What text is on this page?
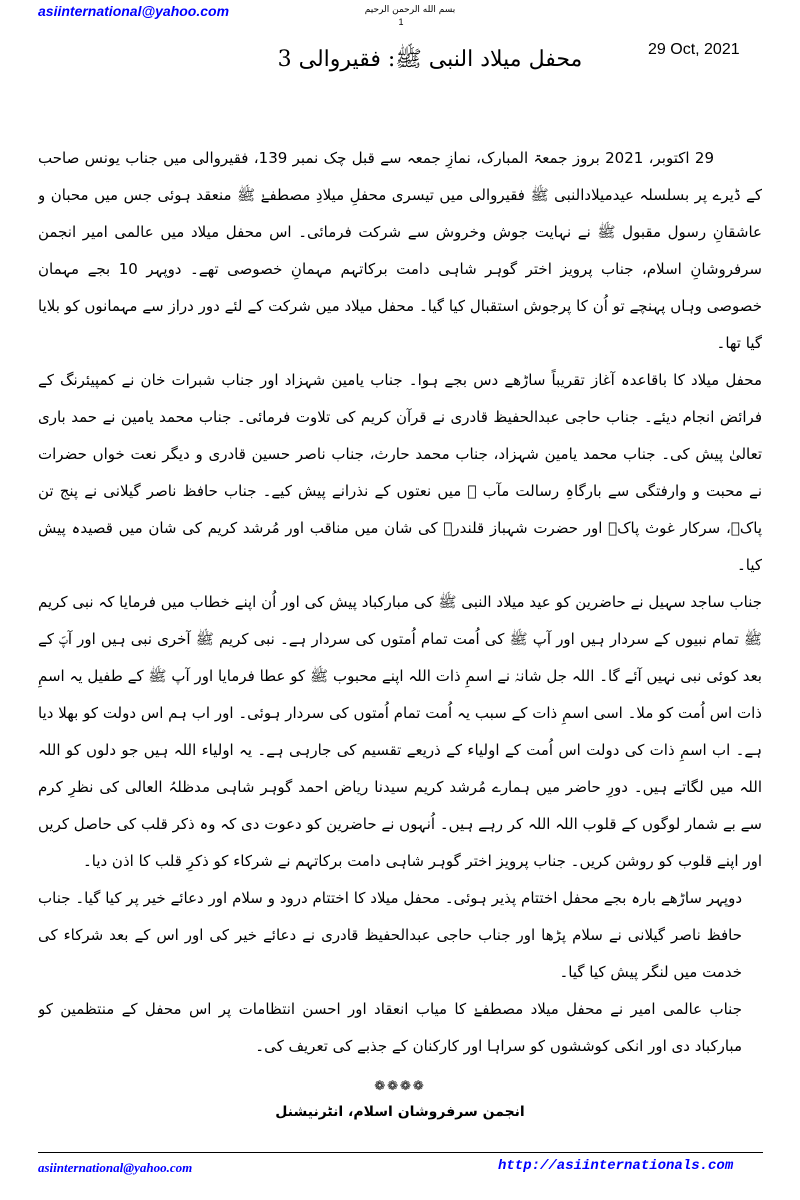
asiinternational@yahoo.com	بسم الله الرحمن الرحیم
1
29 Oct, 2021
محفل میلاد النبی ﷺ: فقیروالی 3

29 اکتوبر، 2021 بروز جمعۃ المبارک، نمازِ جمعہ سے قبل چک نمبر 139، فقیروالی میں جناب یونس صاحب کے ڈیرے پر بسلسلہ عیدمیلادالنبی ﷺ فقیروالی میں تیسری محفلِ میلادِ مصطفےٰ ﷺ منعقد ہوئی جس میں محبان و عاشقانِ رسول مقبول ﷺ نے نہایت جوش وخروش سے شرکت فرمائی۔ اس محفل میلاد میں عالمی امیر انجمن سرفروشانِ اسلام، جناب پرویز اختر گوہر شاہی دامت برکاتہم مہمانِ خصوصی تھے۔ دوپہر 10 بجے مہمان خصوصی وہاں پہنچے تو اُن کا پرجوش استقبال کیا گیا۔ محفل میلاد میں شرکت کے لئے دور دراز سے مہمانوں کو بلایا گیا تھا۔

محفل میلاد کا باقاعدہ آغاز تقریباً ساڑھے دس بجے ہوا۔ جناب یامین شہزاد اور جناب شبرات خان نے کمپیئرنگ کے فرائض انجام دیئے۔ جناب حاجی عبدالحفیظ قادری نے قرآن کریم کی تلاوت فرمائی۔ جناب محمد یامین نے حمد باری تعالیٰ پیش کی۔ جناب محمد یامین شہزاد، جناب محمد حارث، جناب ناصر حسین قادری و دیگر نعت خواں حضرات نے محبت و وارفتگی سے بارگاہِ رسالت مآب ﷺ میں نعتوں کے نذرانے پیش کیے۔ جناب حافظ ناصر گیلانی نے پنج تن پاکؑ، سرکار غوث پاکؒ اور حضرت شہباز قلندرؒ کی شان میں مناقب اور مُرشد کریم کی شان میں قصیدہ پیش کیا۔

جناب ساجد سہیل نے حاضرین کو عید میلاد النبی ﷺ کی مبارکباد پیش کی اور اُن اپنے خطاب میں فرمایا کہ نبی کریم ﷺ تمام نبیوں کے سردار ہیں اور آپ ﷺ کی اُمت تمام اُمتوں کی سردار ہے۔ نبی کریم ﷺ آخری نبی ہیں اور آپؐ کے بعد کوئی نبی نہیں آئے گا۔ اللہ جل شانہٗ نے اسمِ ذات اللہ اپنے محبوب ﷺ کو عطا فرمایا اور آپ ﷺ کے طفیل یہ اسمِ ذات اس اُمت کو ملا۔ اسی اسمِ ذات کے سبب یہ اُمت تمام اُمتوں کی سردار ہوئی۔ اور اب ہم اس دولت کو بھلا دیا ہے۔ اب اسمِ ذات کی دولت اس اُمت کے اولیاء کے ذریعے تقسیم کی جارہی ہے۔ یہ اولیاء اللہ ہیں جو دلوں کو اللہ اللہ میں لگاتے ہیں۔ دورِ حاضر میں ہمارے مُرشد کریم سیدنا ریاض احمد گوہر شاہی مدظلہُ العالی کی نظرِ کرم سے بے شمار لوگوں کے قلوب اللہ اللہ کر رہے ہیں۔ اُنہوں نے حاضرین کو دعوت دی کہ وہ ذکر قلب کی حاصل کریں اور اپنے قلوب کو روشن کریں۔ جناب پرویز اختر گوہر شاہی دامت برکاتہم نے شرکاء کو ذکرِ قلب کا اذن دیا۔

دوپہر ساڑھے بارہ بجے محفل اختتام پذیر ہوئی۔ محفل میلاد کا اختتام درود و سلام اور دعائے خیر پر کیا گیا۔ جناب حافظ ناصر گیلانی نے سلام پڑھا اور جناب حاجی عبدالحفیظ قادری نے دعائے خیر کی اور اس کے بعد شرکاء کی خدمت میں لنگر پیش کیا گیا۔

جناب عالمی امیر نے محفل میلاد مصطفےٰ کا میاب انعقاد اور احسن انتظامات پر اس محفل کے منتظمین کو مبارکباد دی اور انکی کوششوں کو سراہا اور کارکنان کے جذبے کی تعریف کی۔

❁❁❁❁
انجمن سرفروشان اسلام، انٹرنیشنل
asiinternational@yahoo.com	http://asiinternationals.com
